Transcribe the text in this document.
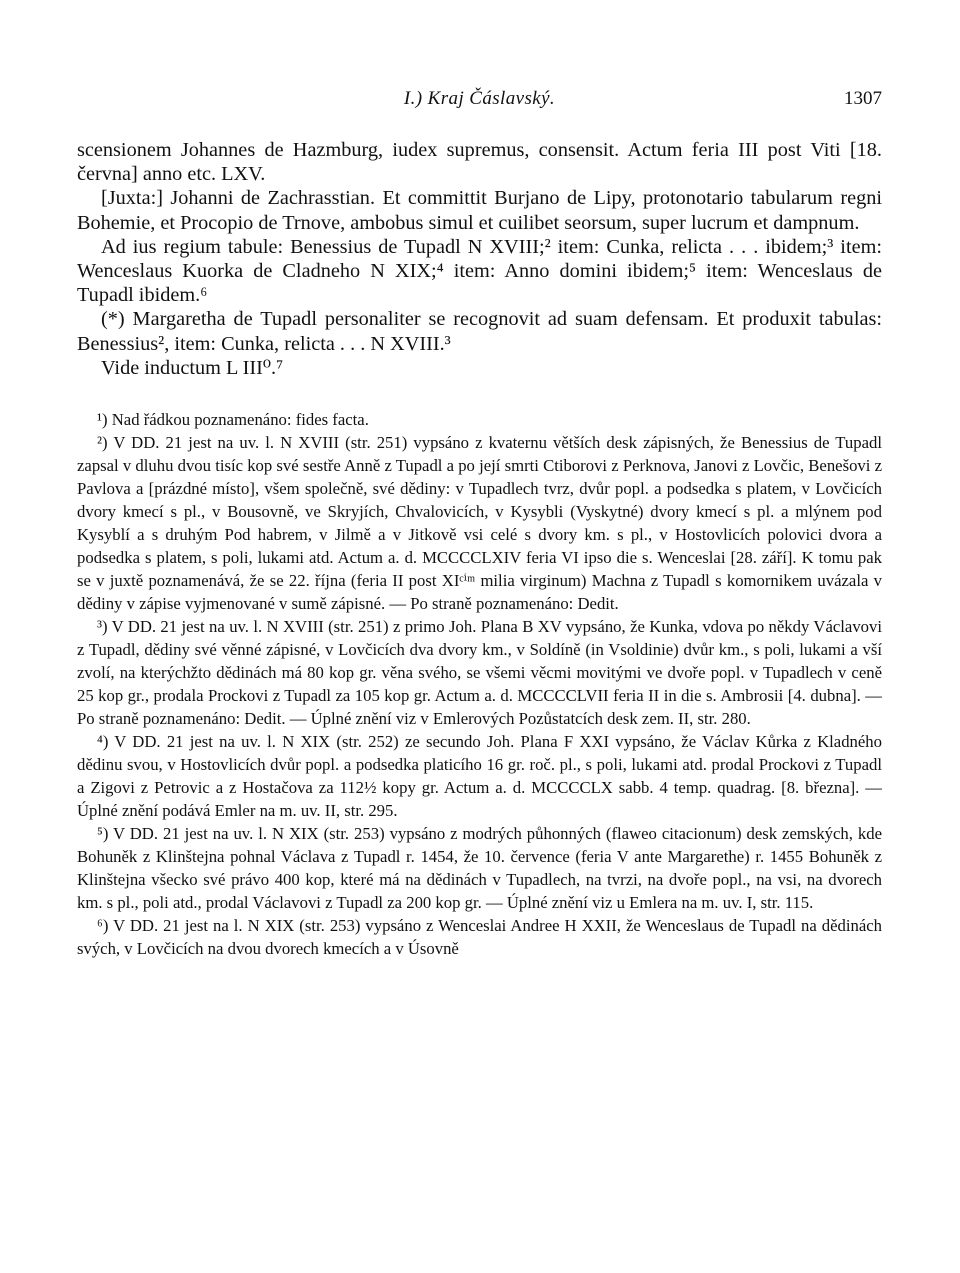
I.) Kraj Čáslavský.	1307

scensionem Johannes de Hazmburg, iudex supremus, consensit. Actum feria III post Viti [18. června] anno etc. LXV.

[Juxta:] Johanni de Zachrasstian. Et committit Burjano de Lipy, protonotario tabularum regni Bohemie, et Procopio de Trnove, ambobus simul et cuilibet seorsum, super lucrum et dampnum.

Ad ius regium tabule: Benessius de Tupadl N XVIII;² item: Cunka, relicta . . . ibidem;³ item: Wenceslaus Kuorka de Cladneho N XIX;⁴ item: Anno domini ibidem;⁵ item: Wenceslaus de Tupadl ibidem.⁶

(*) Margaretha de Tupadl personaliter se recognovit ad suam defensam. Et produxit tabulas: Benessius², item: Cunka, relicta . . . N XVIII.³

Vide inductum L III⁰.⁷

¹) Nad řádkou poznamenáno: fides facta.

²) V DD. 21 jest na uv. l. N XVIII (str. 251) vypsáno z kvaternu větších desk zápisných, že Benessius de Tupadl zapsal v dluhu dvou tisíc kop své sestře Anně z Tupadl a po její smrti Ctiborovi z Perknova, Janovi z Lovčic, Benešovi z Pavlova a [prázdné místo], všem společně, své dědiny: v Tupadlech tvrz, dvůr popl. a podsedka s platem, v Lovčicích dvory kmecí s pl., v Bousovně, ve Skryjích, Chvalovicích, v Kysybli (Vyskytné) dvory kmecí s pl. a mlýnem pod Kysyblí a s druhým Pod habrem, v Jilmě a v Jitkově vsi celé s dvory km. s pl., v Hostovlicích polovici dvora a podsedka s platem, s poli, lukami atd. Actum a. d. MCCCCLXIV feria VI ipso die s. Wenceslai [28. září]. K tomu pak se v juxtě poznamenává, že se 22. října (feria II post XIᶜⁱᵐ milia virginum) Machna z Tupadl s komornikem uvázala v dědiny v zápise vyjmenované v sumě zápisné. — Po straně poznamenáno: Dedit.

³) V DD. 21 jest na uv. l. N XVIII (str. 251) z primo Joh. Plana B XV vypsáno, že Kunka, vdova po někdy Václavovi z Tupadl, dědiny své věnné zápisné, v Lovčicích dva dvory km., v Soldíně (in Vsoldinie) dvůr km., s poli, lukami a vší zvolí, na kterýchžto dědinách má 80 kop gr. věna svého, se všemi věcmi movitými ve dvoře popl. v Tupadlech v ceně 25 kop gr., prodala Prockovi z Tupadl za 105 kop gr. Actum a. d. MCCCCLVII feria II in die s. Ambrosii [4. dubna]. — Po straně poznamenáno: Dedit. — Úplné znění viz v Emlerových Pozůstatcích desk zem. II, str. 280.

⁴) V DD. 21 jest na uv. l. N XIX (str. 252) ze secundo Joh. Plana F XXI vypsáno, že Václav Kůrka z Kladného dědinu svou, v Hostovlicích dvůr popl. a podsedka platicího 16 gr. roč. pl., s poli, lukami atd. prodal Prockovi z Tupadl a Zigovi z Petrovic a z Hostačova za 112½ kopy gr. Actum a. d. MCCCCLX sabb. 4 temp. quadrag. [8. března]. — Úplné znění podává Emler na m. uv. II, str. 295.

⁵) V DD. 21 jest na uv. l. N XIX (str. 253) vypsáno z modrých půhonných (flaweo citacionum) desk zemských, kde Bohuněk z Klinštejna pohnal Václava z Tupadl r. 1454, že 10. července (feria V ante Margarethe) r. 1455 Bohuněk z Klinštejna všecko své právo 400 kop, které má na dědinách v Tupadlech, na tvrzi, na dvoře popl., na vsi, na dvorech km. s pl., poli atd., prodal Václavovi z Tupadl za 200 kop gr. — Úplné znění viz u Emlera na m. uv. I, str. 115.

⁶) V DD. 21 jest na l. N XIX (str. 253) vypsáno z Wenceslai Andree H XXII, že Wenceslaus de Tupadl na dědinách svých, v Lovčicích na dvou dvorech kmecích a v Úsovně
